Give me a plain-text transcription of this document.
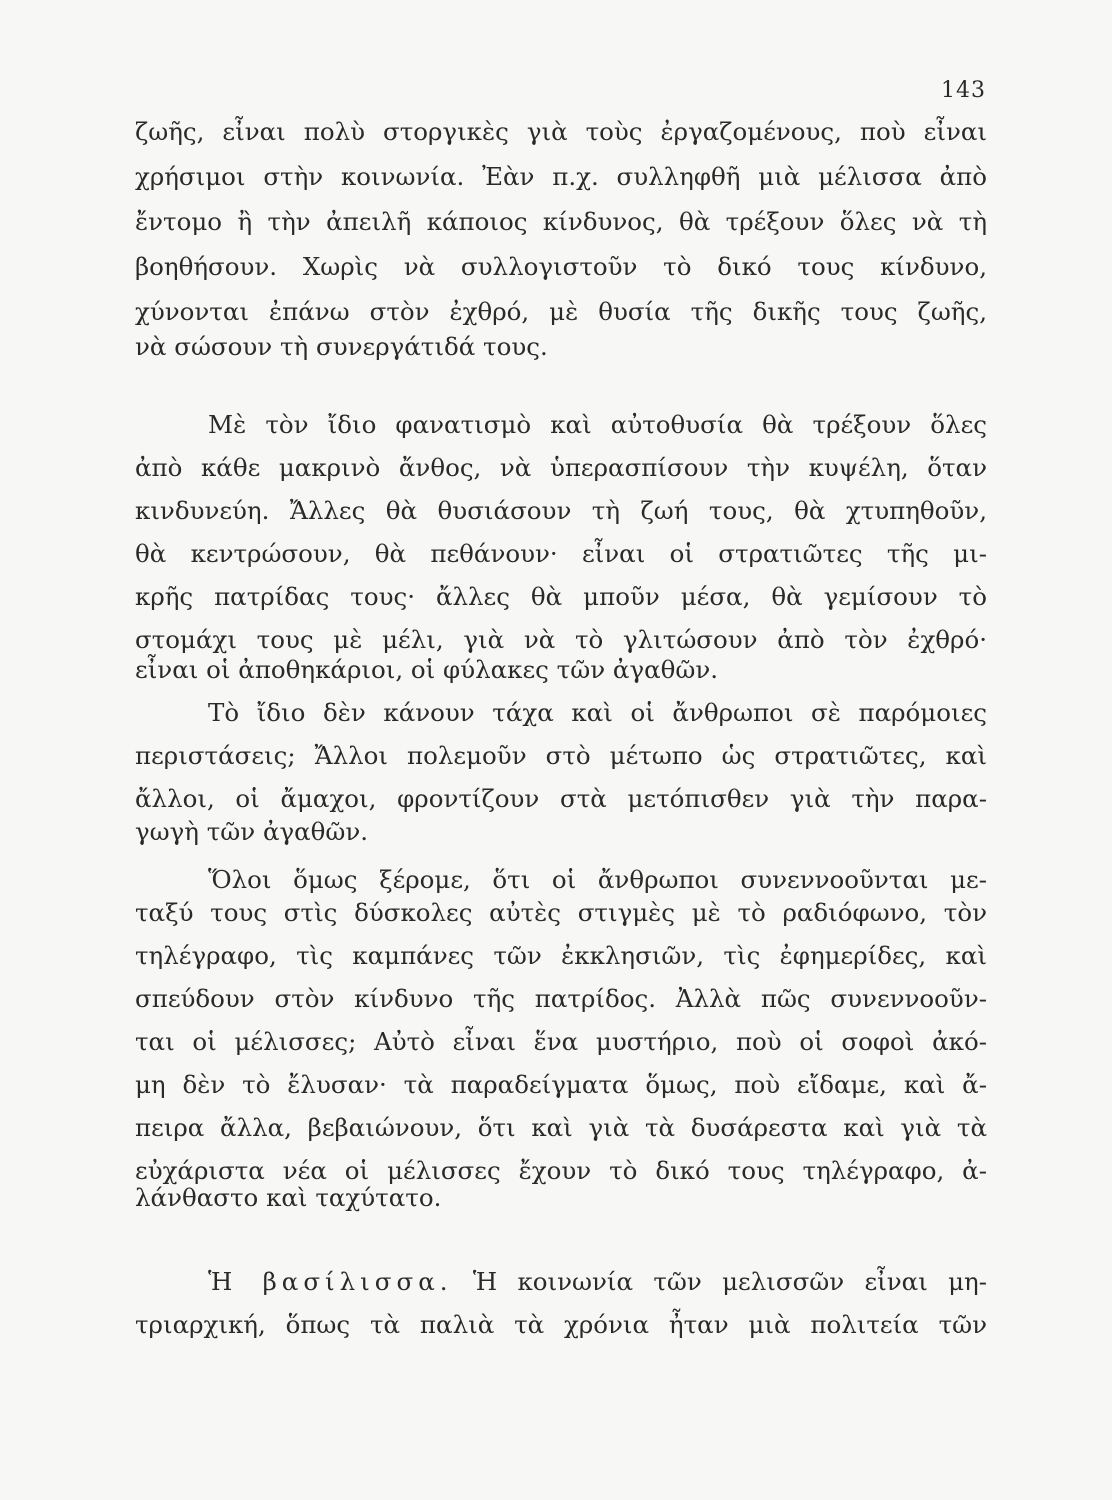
143
ζωῆς, εἶναι πολὺ στοργικὲς γιὰ τοὺς ἐργαζομένους, ποὺ εἶναι
χρήσιμοι στὴν κοινωνία. Ἐὰν π.χ. συλληφθῆ μιὰ μέλισσα ἀπὸ
ἔντομο ἢ τὴν ἀπειλῆ κάποιος κίνδυνος, θὰ τρέξουν ὅλες νὰ τὴ
βοηθήσουν. Χωρὶς νὰ συλλογιστοῦν τὸ δικό τους κίνδυνο,
χύνονται ἐπάνω στὸν ἐχθρό, μὲ θυσία τῆς δικῆς τους ζωῆς,
νὰ σώσουν τὴ συνεργάτιδά τους.
Μὲ τὸν ἴδιο φανατισμὸ καὶ αὐτοθυσία θὰ τρέξουν ὅλες
ἀπὸ κάθε μακρινὸ ἄνθος, νὰ ὑπερασπίσουν τὴν κυψέλη, ὅταν
κινδυνεύη. Ἄλλες θὰ θυσιάσουν τὴ ζωή τους, θὰ χτυπηθοῦν,
θὰ κεντρώσουν, θὰ πεθάνουν· εἶναι οἱ στρατιῶτες τῆς μι-
κρῆς πατρίδας τους· ἄλλες θὰ μποῦν μέσα, θὰ γεμίσουν τὸ
στομάχι τους μὲ μέλι, γιὰ νὰ τὸ γλιτώσουν ἀπὸ τὸν ἐχθρό·
εἶναι οἱ ἀποθηκάριοι, οἱ φύλακες τῶν ἀγαθῶν.
Τὸ ἴδιο δὲν κάνουν τάχα καὶ οἱ ἄνθρωποι σὲ παρόμοιες
περιστάσεις; Ἄλλοι πολεμοῦν στὸ μέτωπο ὡς στρατιῶτες, καὶ
ἄλλοι, οἱ ἄμαχοι, φροντίζουν στὰ μετόπισθεν γιὰ τὴν παρα-
γωγὴ τῶν ἀγαθῶν.
Ὅλοι ὅμως ξέρομε, ὅτι οἱ ἄνθρωποι συνεννοοῦνται με-
ταξύ τους στὶς δύσκολες αὐτὲς στιγμὲς μὲ τὸ ραδιόφωνο, τὸν
τηλέγραφο, τὶς καμπάνες τῶν ἐκκλησιῶν, τὶς ἐφημερίδες, καὶ
σπεύδουν στὸν κίνδυνο τῆς πατρίδος. Ἀλλὰ πῶς συνεννοοῦν-
ται οἱ μέλισσες; Αὐτὸ εἶναι ἕνα μυστήριο, ποὺ οἱ σοφοὶ ἀκό-
μη δὲν τὸ ἔλυσαν· τὰ παραδείγματα ὅμως, ποὺ εἴδαμε, καὶ ἄ-
πειρα ἄλλα, βεβαιώνουν, ὅτι καὶ γιὰ τὰ δυσάρεστα καὶ γιὰ τὰ
εὐχάριστα νέα οἱ μέλισσες ἔχουν τὸ δικό τους τηλέγραφο, ἀ-
λάνθαστο καὶ ταχύτατο.
Ἡ βασίλισσα. Ἡ κοινωνία τῶν μελισσῶν εἶναι μη-
τριαρχική, ὅπως τὰ παλιὰ τὰ χρόνια ἦταν μιὰ πολιτεία τῶν
